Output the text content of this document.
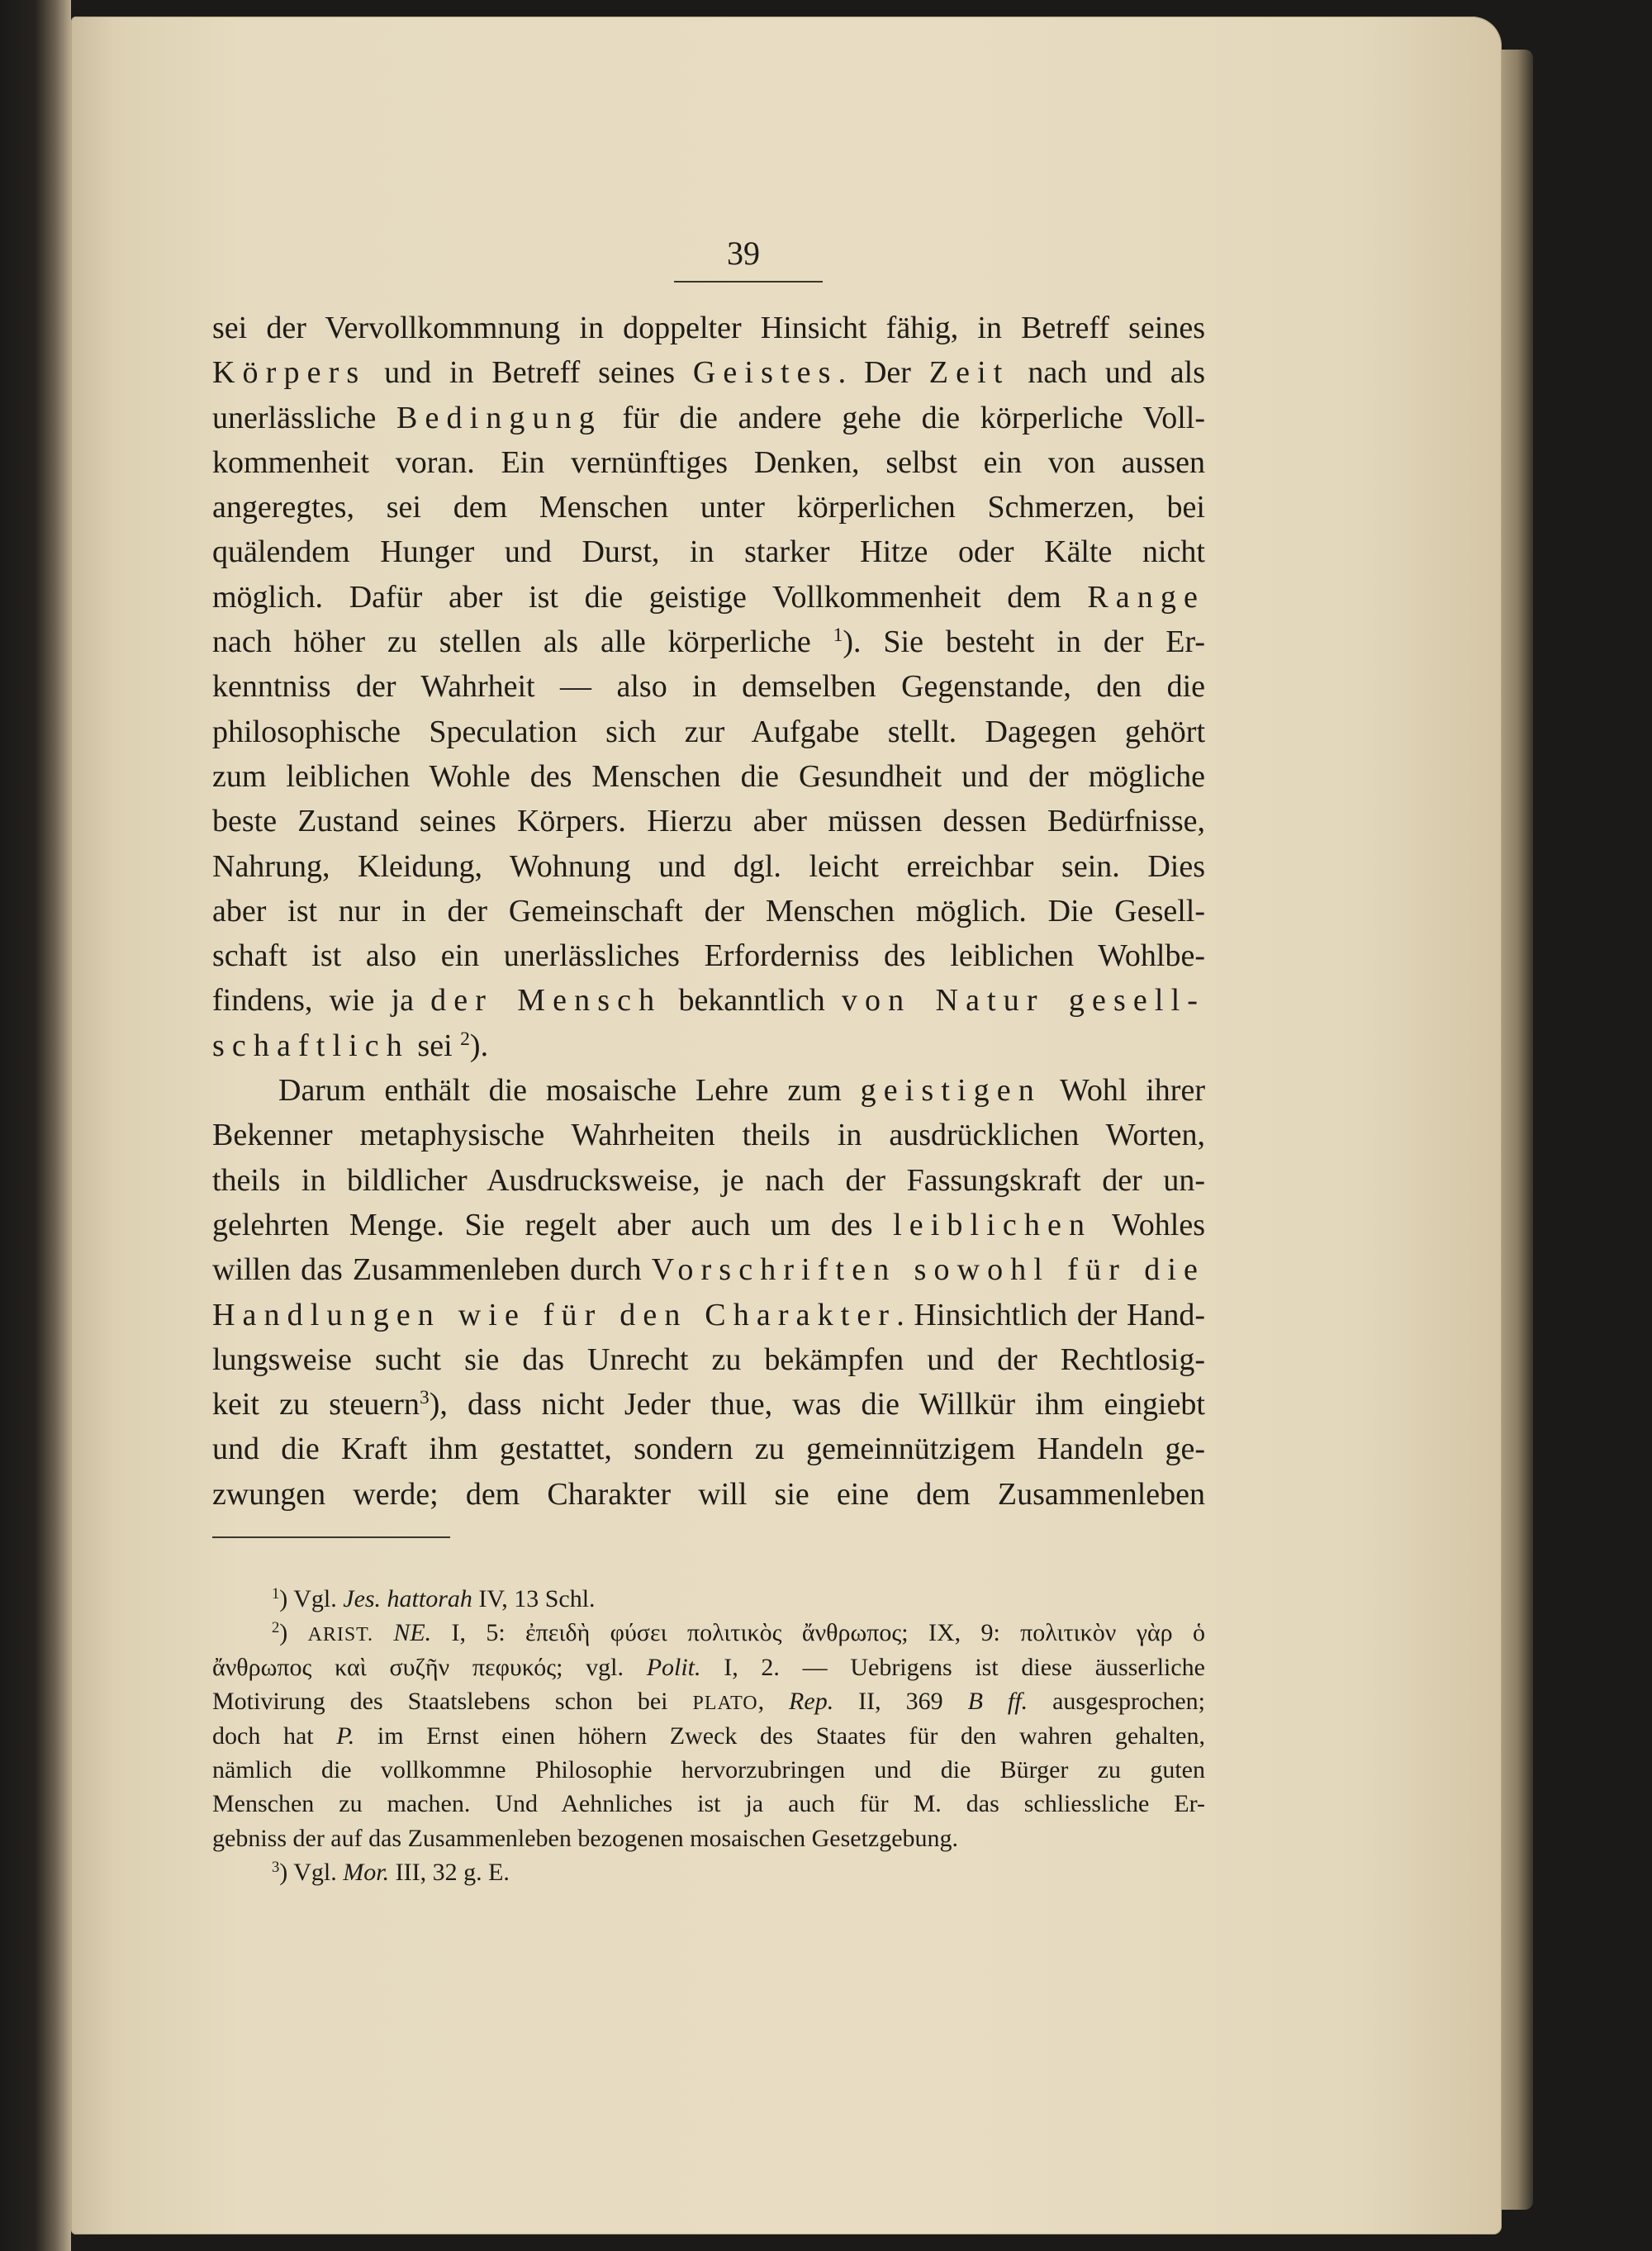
39
sei der Vervollkommnung in doppelter Hinsicht fähig, in Betreff seines
Körpers und in Betreff seines Geistes. Der Zeit nach und als
unerlässliche Bedingung für die andere gehe die körperliche Voll-
kommenheit voran. Ein vernünftiges Denken, selbst ein von aussen
angeregtes, sei dem Menschen unter körperlichen Schmerzen, bei
quälendem Hunger und Durst, in starker Hitze oder Kälte nicht
möglich. Dafür aber ist die geistige Vollkommenheit dem Range
nach höher zu stellen als alle körperliche $^1$). Sie besteht in der Er-
kenntniss der Wahrheit — also in demselben Gegenstande, den die
philosophische Speculation sich zur Aufgabe stellt. Dagegen gehört
zum leiblichen Wohle des Menschen die Gesundheit und der mögliche
beste Zustand seines Körpers. Hierzu aber müssen dessen Bedürfnisse,
Nahrung, Kleidung, Wohnung und dgl. leicht erreichbar sein. Dies
aber ist nur in der Gemeinschaft der Menschen möglich. Die Gesell-
schaft ist also ein unerlässliches Erforderniss des leiblichen Wohlbe-
findens, wie ja der Mensch bekanntlich von Natur gesell-
schaftlich sei $^2$).
Darum enthält die mosaische Lehre zum geistigen Wohl ihrer
Bekenner metaphysische Wahrheiten theils in ausdrücklichen Worten,
theils in bildlicher Ausdrucksweise, je nach der Fassungskraft der un-
gelehrten Menge. Sie regelt aber auch um des leiblichen Wohles
willen das Zusammenleben durch Vorschriften sowohl für die
Handlungen wie für den Charakter. Hinsichtlich der Hand-
lungsweise sucht sie das Unrecht zu bekämpfen und der Rechtlosig-
keit zu steuern$^3$), dass nicht Jeder thue, was die Willkür ihm eingiebt
und die Kraft ihm gestattet, sondern zu gemeinnützigem Handeln ge-
zwungen werde; dem Charakter will sie eine dem Zusammenleben
$^1$) Vgl. Jes. hattorah IV, 13 Schl.
$^2$) ARIST. NE. I, 5: ἐπειδὴ φύσει πολιτικὸς ἄνθρωπος; IX, 9: πολιτικὸν γὰρ ὁ
ἄνθρωπος καὶ συζῆν πεφυκός; vgl. Polit. I, 2. — Uebrigens ist diese äusserliche
Motivirung des Staatslebens schon bei PLATO, Rep. II, 369 B ff. ausgesprochen;
doch hat P. im Ernst einen höhern Zweck des Staates für den wahren gehalten,
nämlich die vollkommne Philosophie hervorzubringen und die Bürger zu guten
Menschen zu machen. Und Aehnliches ist ja auch für M. das schliessliche Er-
gebniss der auf das Zusammenleben bezogenen mosaischen Gesetzgebung.
$^3$) Vgl. Mor. III, 32 g. E.
